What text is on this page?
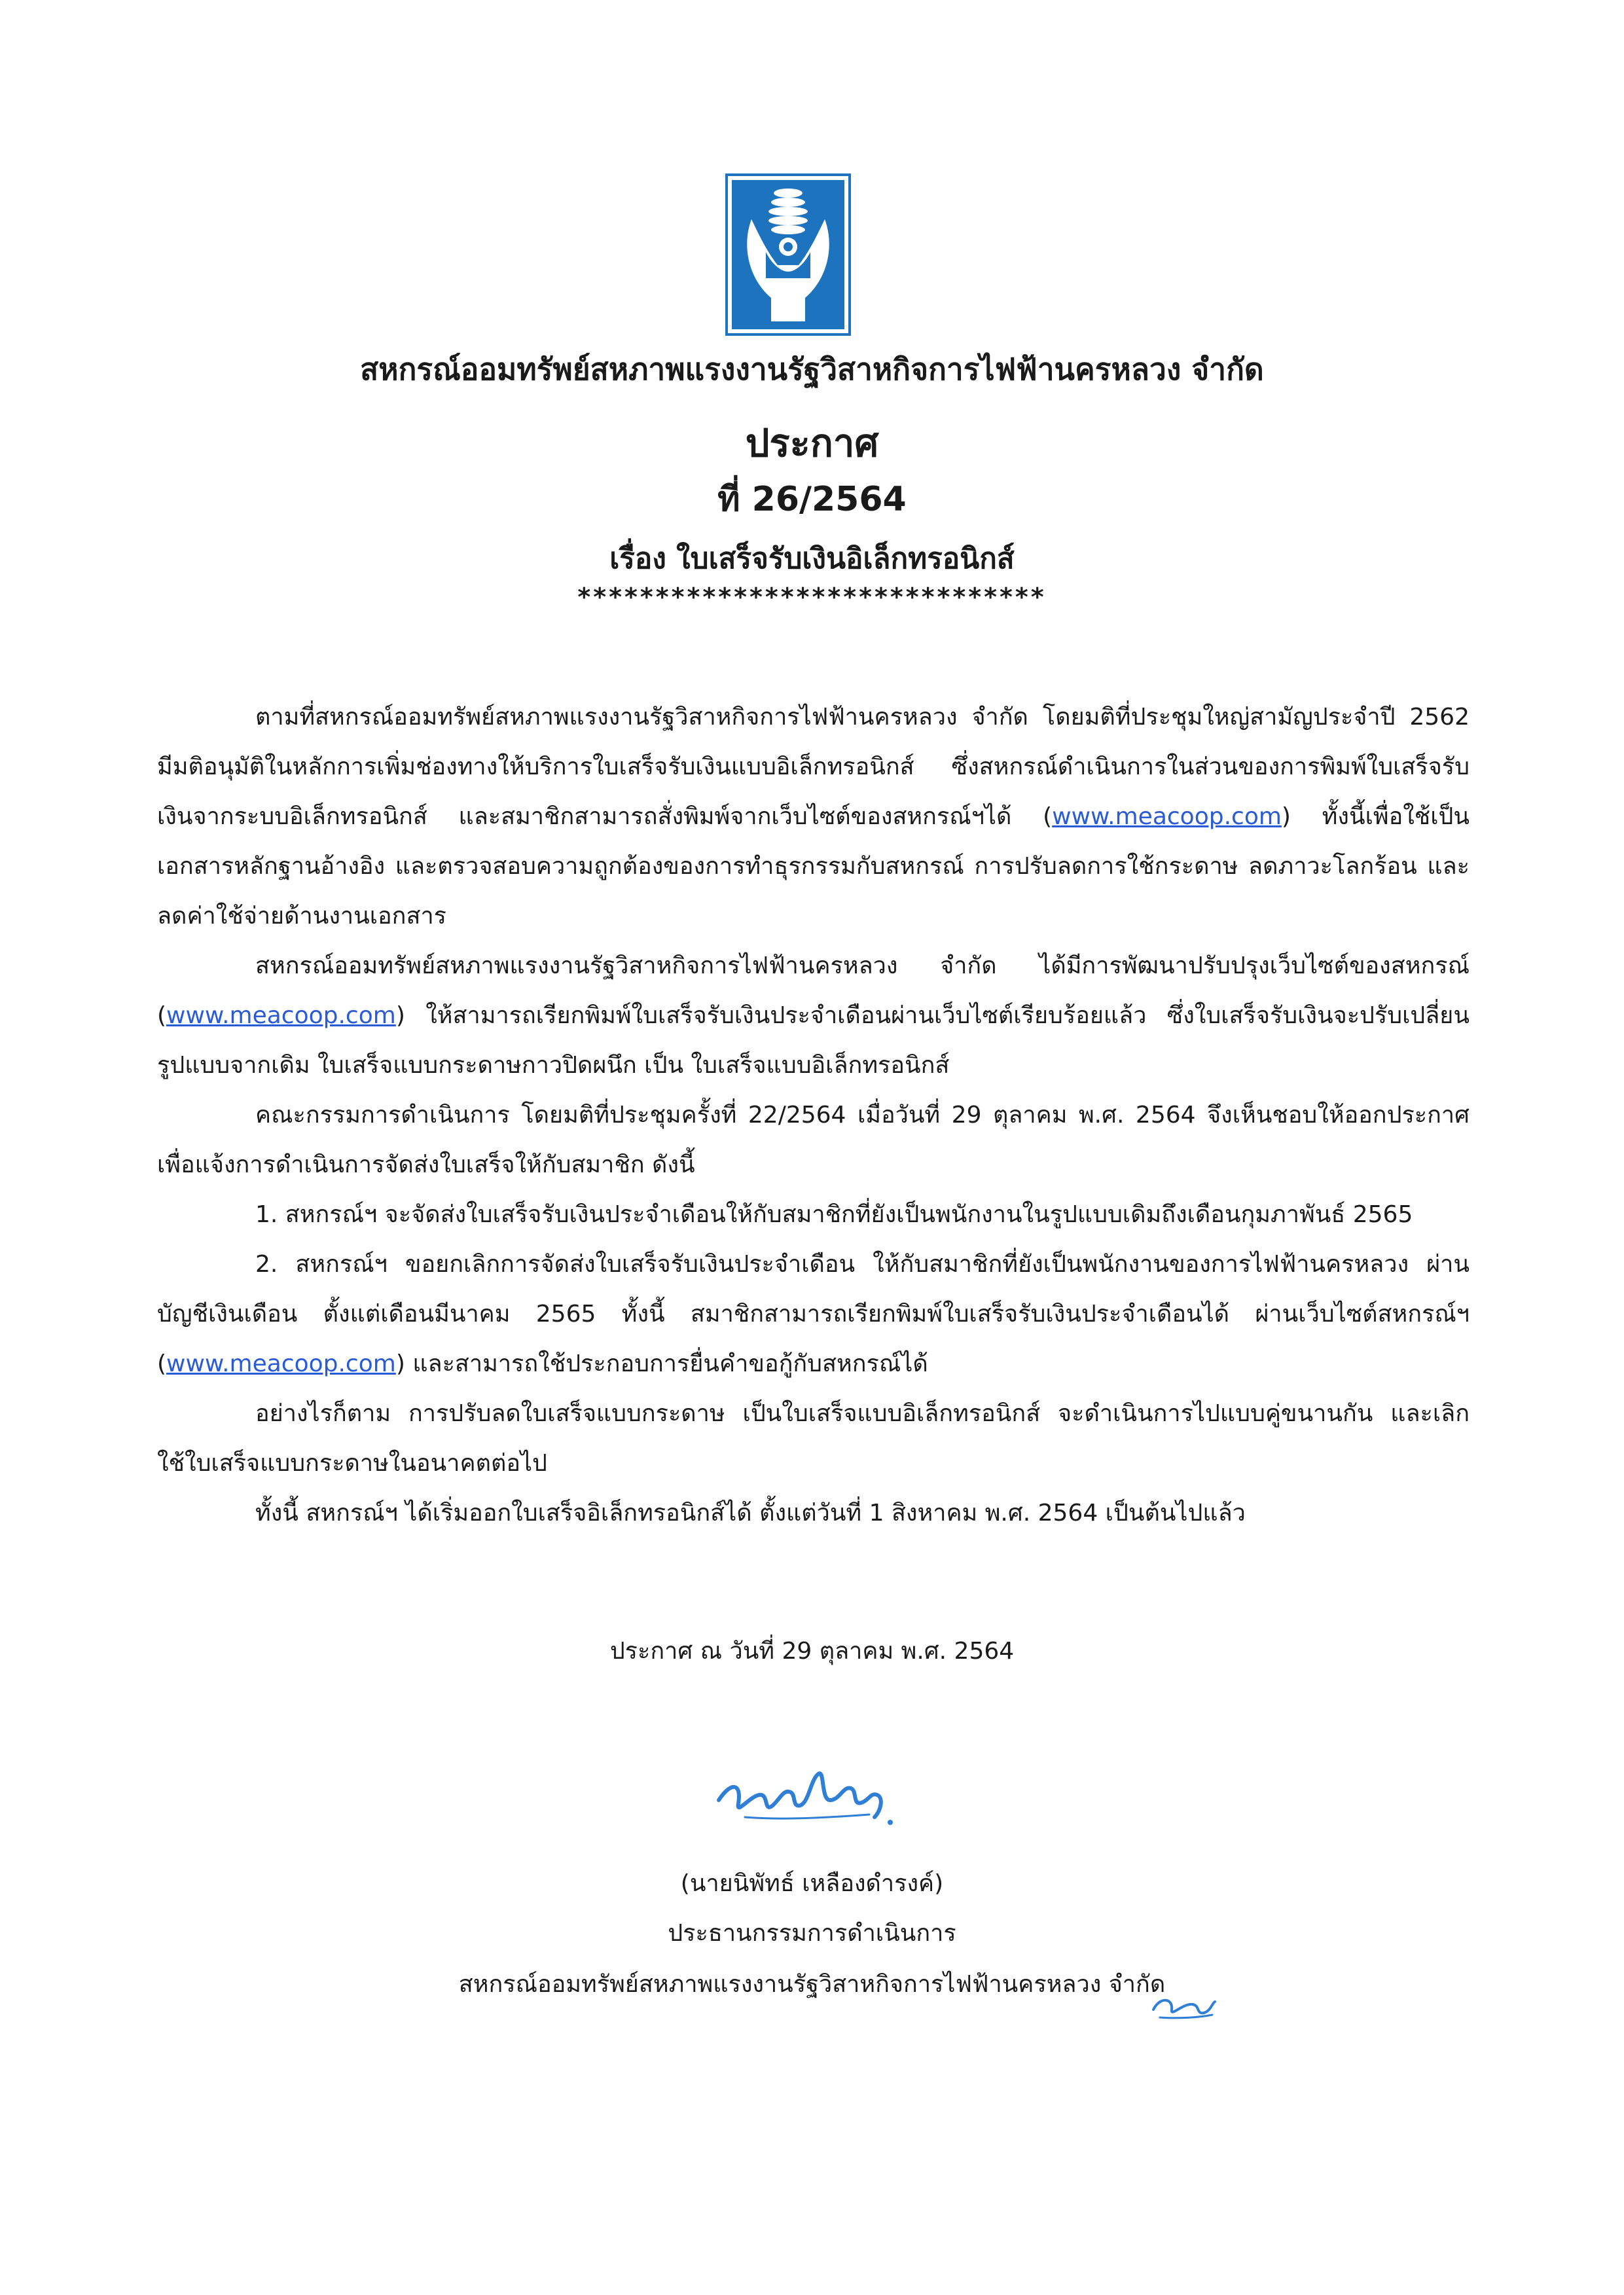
สหกรณ์ออมทรัพย์สหภาพแรงงานรัฐวิสาหกิจการไฟฟ้านครหลวง จำกัด
ประกาศ
ที่ 26/2564
เรื่อง ใบเสร็จรับเงินอิเล็กทรอนิกส์
******************************

ตามที่สหกรณ์ออมทรัพย์สหภาพแรงงานรัฐวิสาหกิจการไฟฟ้านครหลวง จำกัด โดยมติที่ประชุมใหญ่สามัญประจำปี 2562 มีมติอนุมัติในหลักการเพิ่มช่องทางให้บริการใบเสร็จรับเงินแบบอิเล็กทรอนิกส์ ซึ่งสหกรณ์ดำเนินการในส่วนของการพิมพ์ใบเสร็จรับเงินจากระบบอิเล็กทรอนิกส์ และสมาชิกสามารถสั่งพิมพ์จากเว็บไซต์ของสหกรณ์ฯได้ (www.meacoop.com) ทั้งนี้เพื่อใช้เป็นเอกสารหลักฐานอ้างอิง และตรวจสอบความถูกต้องของการทำธุรกรรมกับสหกรณ์ การปรับลดการใช้กระดาษ ลดภาวะโลกร้อน และลดค่าใช้จ่ายด้านงานเอกสาร

สหกรณ์ออมทรัพย์สหภาพแรงงานรัฐวิสาหกิจการไฟฟ้านครหลวง จำกัด ได้มีการพัฒนาปรับปรุงเว็บไซต์ของสหกรณ์ (www.meacoop.com) ให้สามารถเรียกพิมพ์ใบเสร็จรับเงินประจำเดือนผ่านเว็บไซต์เรียบร้อยแล้ว ซึ่งใบเสร็จรับเงินจะปรับเปลี่ยนรูปแบบจากเดิม ใบเสร็จแบบกระดาษกาวปิดผนึก เป็น ใบเสร็จแบบอิเล็กทรอนิกส์

คณะกรรมการดำเนินการ โดยมติที่ประชุมครั้งที่ 22/2564 เมื่อวันที่ 29 ตุลาคม พ.ศ. 2564 จึงเห็นชอบให้ออกประกาศ เพื่อแจ้งการดำเนินการจัดส่งใบเสร็จให้กับสมาชิก ดังนี้

1. สหกรณ์ฯ จะจัดส่งใบเสร็จรับเงินประจำเดือนให้กับสมาชิกที่ยังเป็นพนักงานในรูปแบบเดิมถึงเดือนกุมภาพันธ์ 2565

2. สหกรณ์ฯ ขอยกเลิกการจัดส่งใบเสร็จรับเงินประจำเดือน ให้กับสมาชิกที่ยังเป็นพนักงานของการไฟฟ้านครหลวง ผ่านบัญชีเงินเดือน ตั้งแต่เดือนมีนาคม 2565 ทั้งนี้ สมาชิกสามารถเรียกพิมพ์ใบเสร็จรับเงินประจำเดือนได้ ผ่านเว็บไซต์สหกรณ์ฯ (www.meacoop.com) และสามารถใช้ประกอบการยื่นคำขอกู้กับสหกรณ์ได้

อย่างไรก็ตาม การปรับลดใบเสร็จแบบกระดาษ เป็นใบเสร็จแบบอิเล็กทรอนิกส์ จะดำเนินการไปแบบคู่ขนานกัน และเลิกใช้ใบเสร็จแบบกระดาษในอนาคตต่อไป

ทั้งนี้ สหกรณ์ฯ ได้เริ่มออกใบเสร็จอิเล็กทรอนิกส์ได้ ตั้งแต่วันที่ 1 สิงหาคม พ.ศ. 2564 เป็นต้นไปแล้ว

ประกาศ ณ วันที่ 29 ตุลาคม พ.ศ. 2564
(นายนิพัทธ์ เหลืองดำรงค์)
ประธานกรรมการดำเนินการ
สหกรณ์ออมทรัพย์สหภาพแรงงานรัฐวิสาหกิจการไฟฟ้านครหลวง จำกัด
